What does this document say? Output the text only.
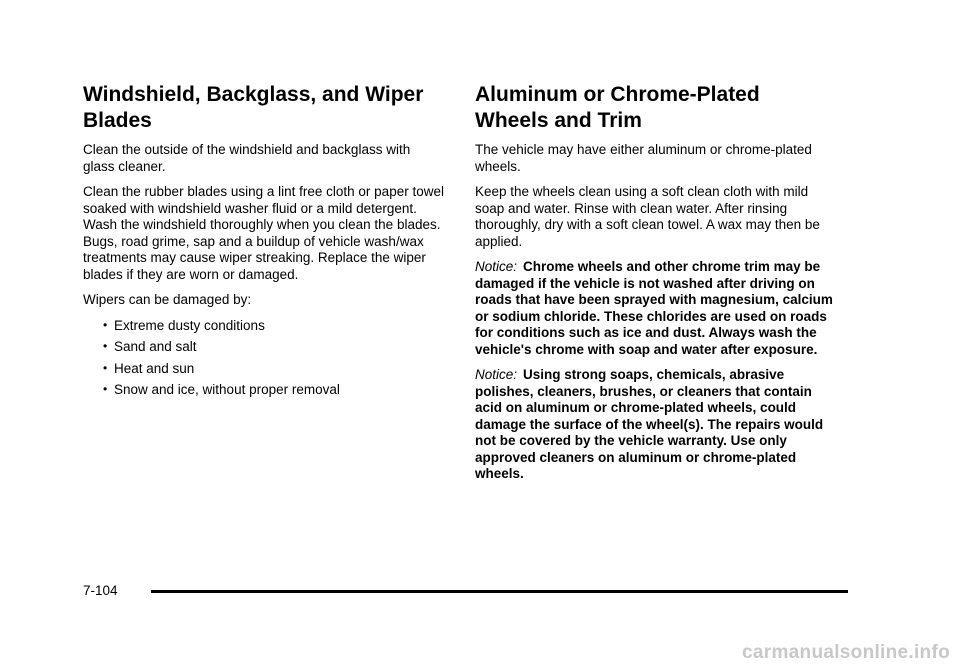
Windshield, Backglass, and Wiper Blades

Clean the outside of the windshield and backglass with glass cleaner.

Clean the rubber blades using a lint free cloth or paper towel soaked with windshield washer fluid or a mild detergent. Wash the windshield thoroughly when you clean the blades. Bugs, road grime, sap and a buildup of vehicle wash/wax treatments may cause wiper streaking. Replace the wiper blades if they are worn or damaged.

Wipers can be damaged by:

• Extreme dusty conditions
• Sand and salt
• Heat and sun
• Snow and ice, without proper removal
Aluminum or Chrome-Plated Wheels and Trim

The vehicle may have either aluminum or chrome-plated wheels.

Keep the wheels clean using a soft clean cloth with mild soap and water. Rinse with clean water. After rinsing thoroughly, dry with a soft clean towel. A wax may then be applied.

Notice: Chrome wheels and other chrome trim may be damaged if the vehicle is not washed after driving on roads that have been sprayed with magnesium, calcium or sodium chloride. These chlorides are used on roads for conditions such as ice and dust. Always wash the vehicle's chrome with soap and water after exposure.

Notice: Using strong soaps, chemicals, abrasive polishes, cleaners, brushes, or cleaners that contain acid on aluminum or chrome-plated wheels, could damage the surface of the wheel(s). The repairs would not be covered by the vehicle warranty. Use only approved cleaners on aluminum or chrome-plated wheels.

7-104
carmanualsonline.info
